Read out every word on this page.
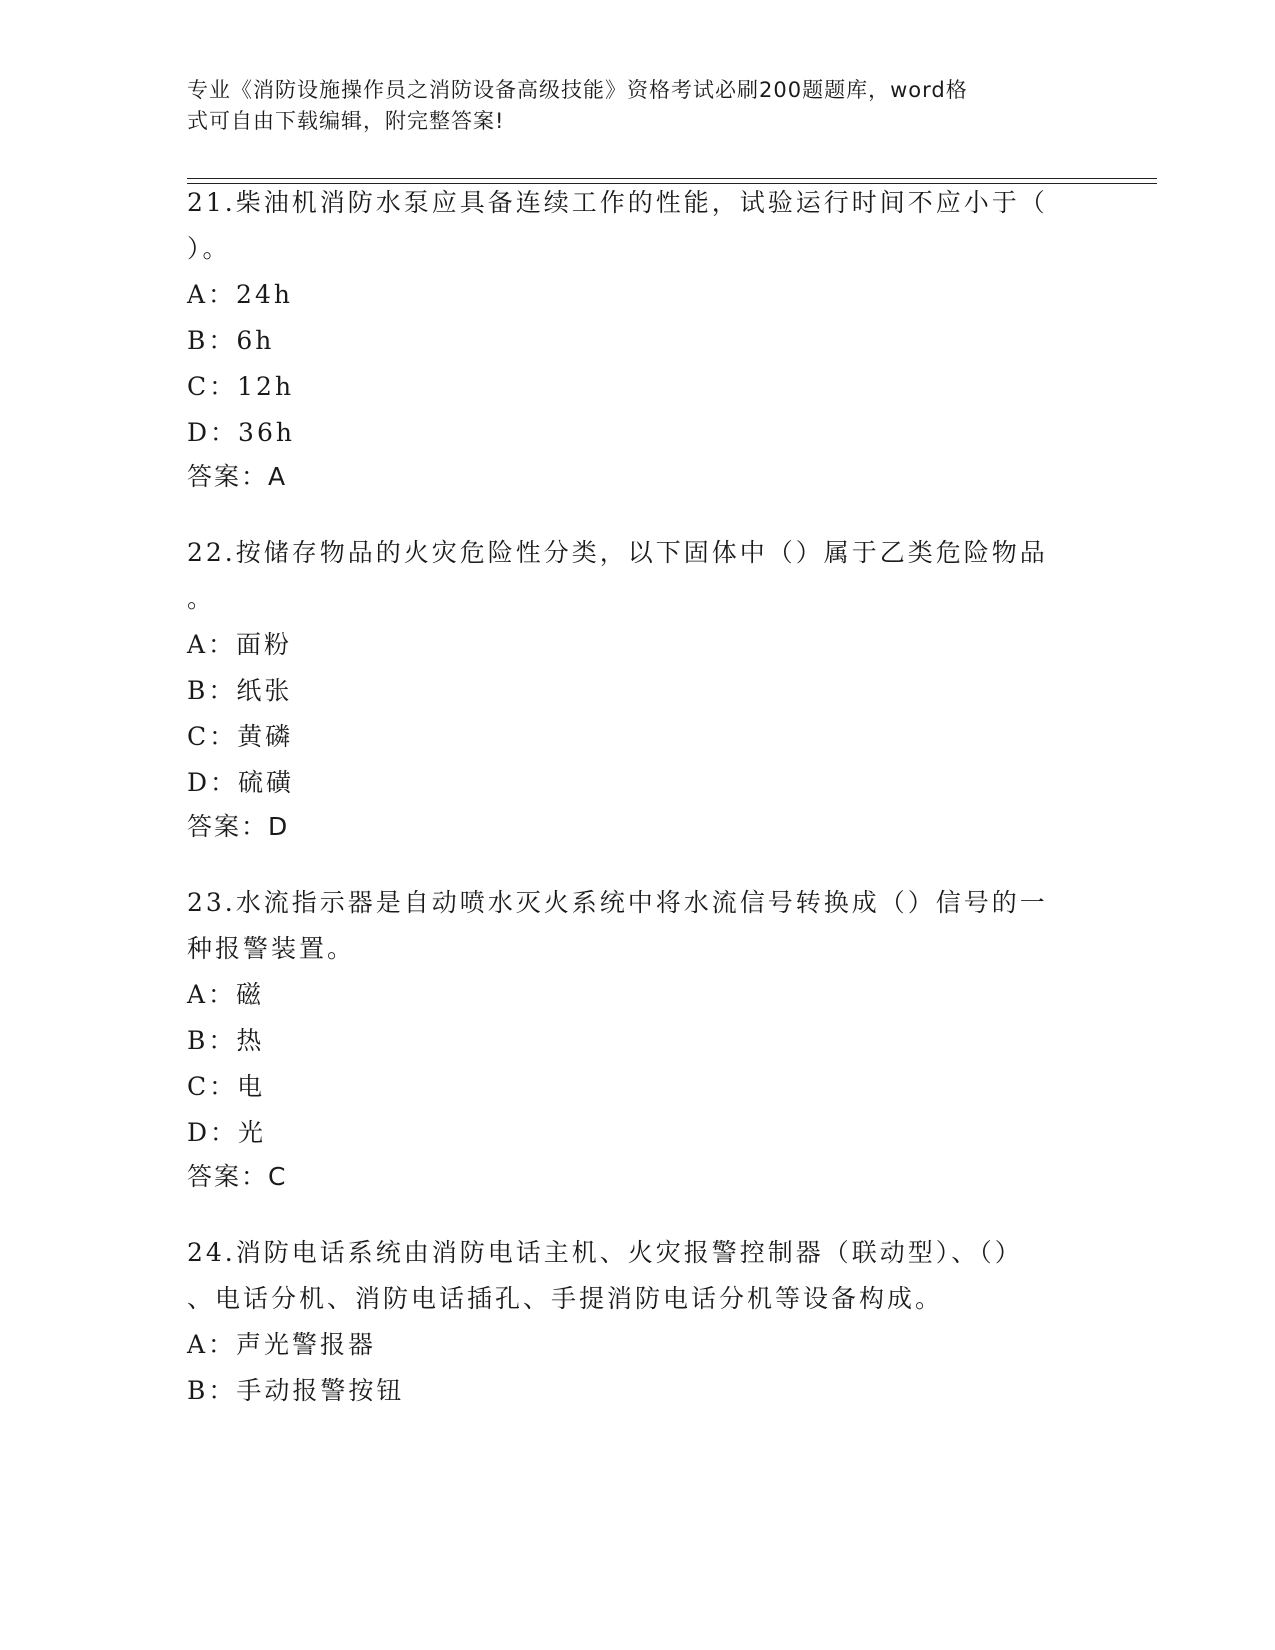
专业《消防设施操作员之消防设备高级技能》资格考试必刷200题题库，word格
式可自由下载编辑，附完整答案!
21.柴油机消防水泵应具备连续工作的性能，试验运行时间不应小于（
）。
A：24h
B：6h
C：12h
D：36h
答案：A
22.按储存物品的火灾危险性分类，以下固体中（）属于乙类危险物品
。
A：面粉
B：纸张
C：黄磷
D：硫磺
答案：D
23.水流指示器是自动喷水灭火系统中将水流信号转换成（）信号的一
种报警装置。
A：磁
B：热
C：电
D：光
答案：C
24.消防电话系统由消防电话主机、火灾报警控制器（联动型）、（）
、电话分机、消防电话插孔、手提消防电话分机等设备构成。
A：声光警报器
B：手动报警按钮
